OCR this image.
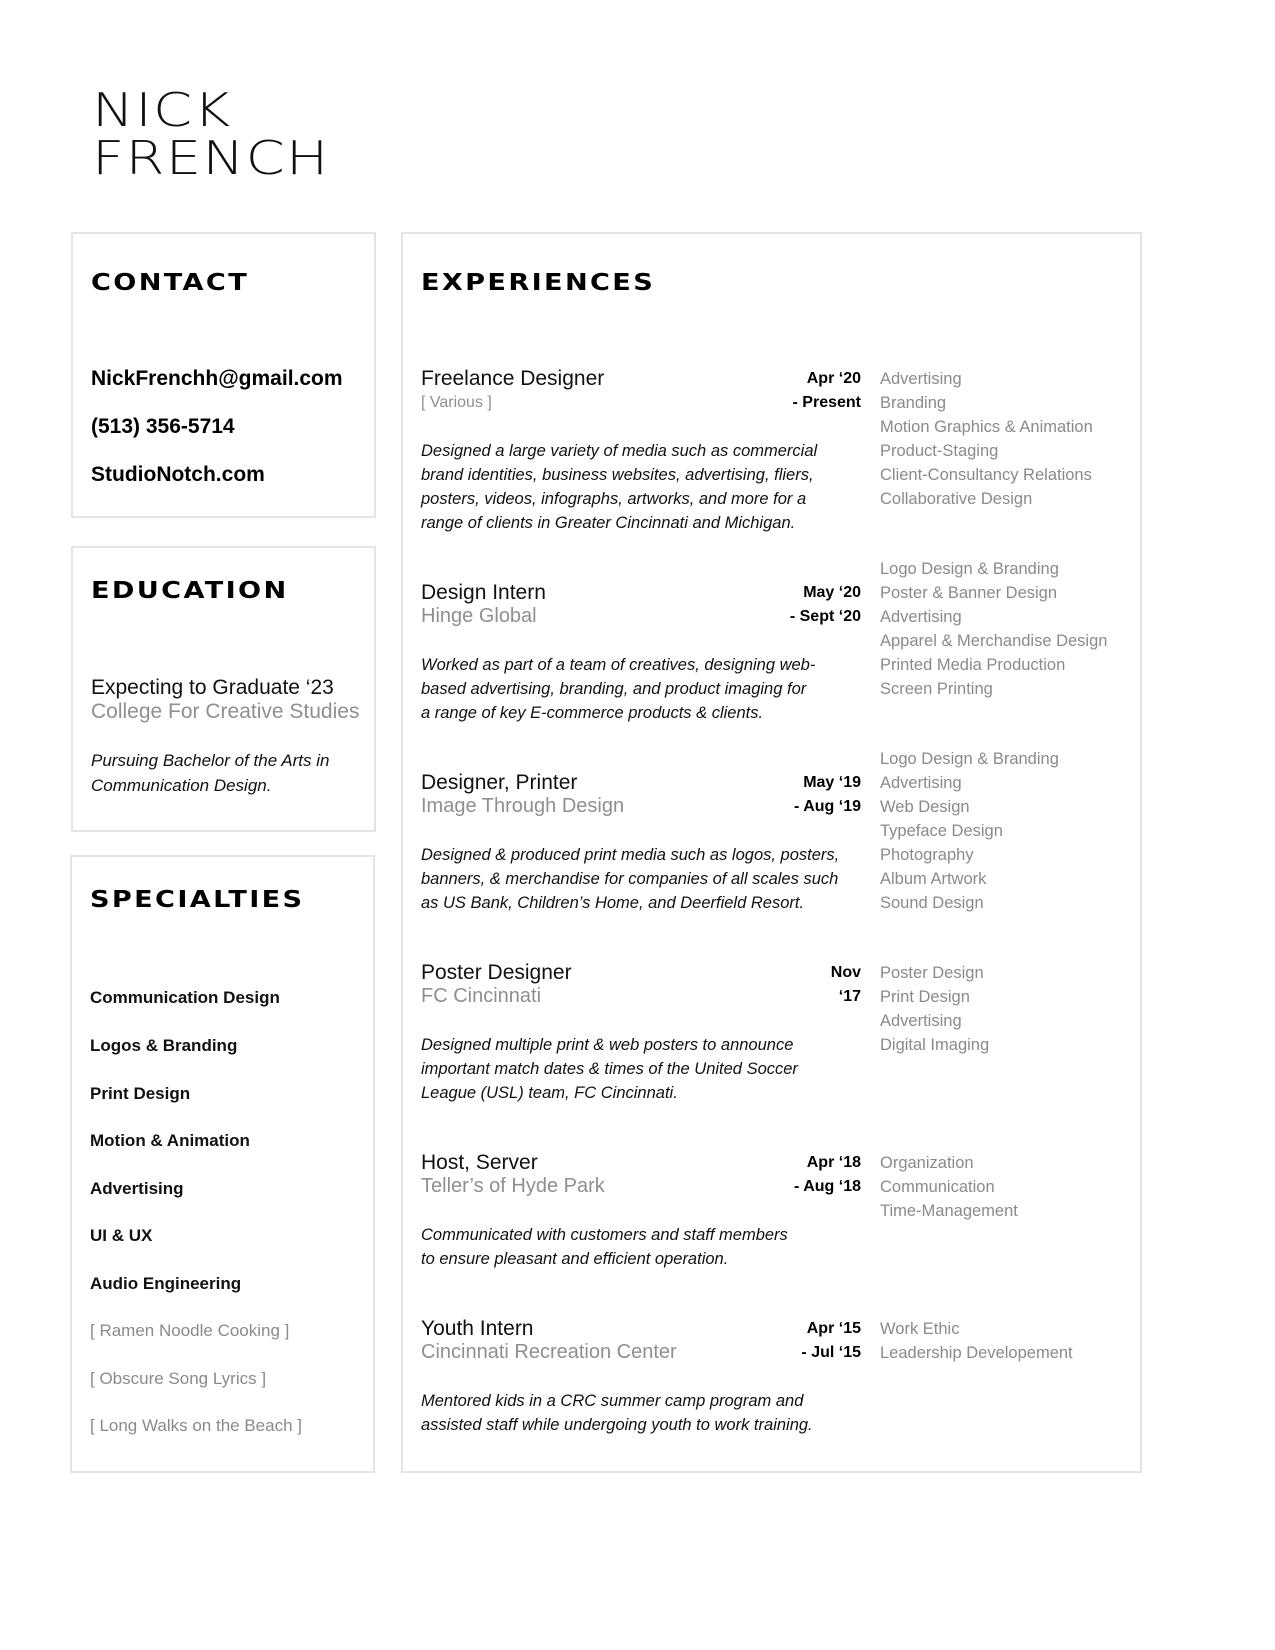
NICK
FRENCH
CONTACT
NickFrenchh@gmail.com
(513) 356-5714
StudioNotch.com
EDUCATION
Expecting to Graduate ‘23
College For Creative Studies
Pursuing Bachelor of the Arts in
Communication Design.
SPECIALTIES
Communication Design
Logos & Branding
Print Design
Motion & Animation
Advertising
UI & UX
Audio Engineering
[ Ramen Noodle Cooking ]
[ Obscure Song Lyrics ]
[ Long Walks on the Beach ]
EXPERIENCES
Freelance Designer
[ Various ]
Apr ‘20
- Present
Designed a large variety of media such as commercial
brand identities, business websites, advertising, fliers,
posters, videos, infographs, artworks, and more for a
range of clients in Greater Cincinnati and Michigan.
Advertising
Branding
Motion Graphics & Animation
Product-Staging
Client-Consultancy Relations
Collaborative Design
Design Intern
Hinge Global
May ‘20
- Sept ‘20
Worked as part of a team of creatives, designing web-
based advertising, branding, and product imaging for
a range of key E-commerce products & clients.
Logo Design & Branding
Poster & Banner Design
Advertising
Apparel & Merchandise Design
Printed Media Production
Screen Printing
Designer, Printer
Image Through Design
May ‘19
- Aug ‘19
Designed & produced print media such as logos, posters,
banners, & merchandise for companies of all scales such
as US Bank, Children’s Home, and Deerfield Resort.
Logo Design & Branding
Advertising
Web Design
Typeface Design
Photography
Album Artwork
Sound Design
Poster Designer
FC Cincinnati
Nov
‘17
Designed multiple print & web posters to announce
important match dates & times of the United Soccer
League (USL) team, FC Cincinnati.
Poster Design
Print Design
Advertising
Digital Imaging
Host, Server
Teller’s of Hyde Park
Apr ‘18
- Aug ‘18
Communicated with customers and staff members
to ensure pleasant and efficient operation.
Organization
Communication
Time-Management
Youth Intern
Cincinnati Recreation Center
Apr ‘15
- Jul ‘15
Mentored kids in a CRC summer camp program and
assisted staff while undergoing youth to work training.
Work Ethic
Leadership Developement
